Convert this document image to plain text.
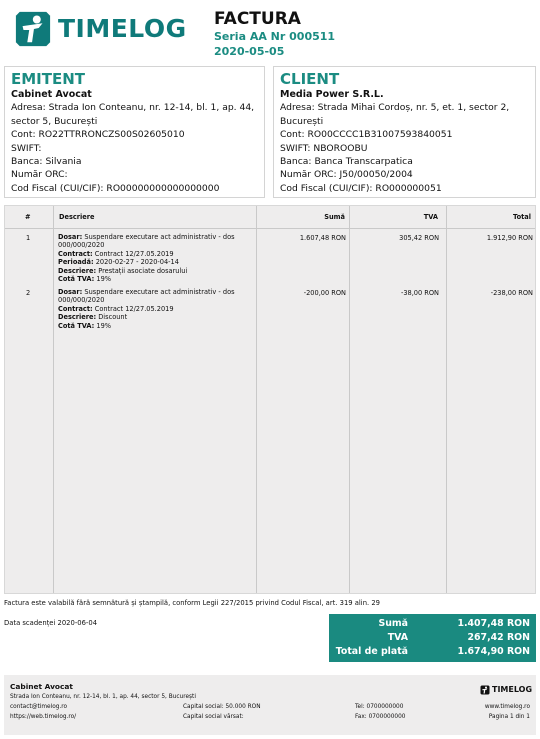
TIMELOG FACTURA
Seria AA Nr 000511
2020-05-05
EMITENT
Cabinet Avocat
Adresa: Strada Ion Conteanu, nr. 12-14, bl. 1, ap. 44,
sector 5, București
Cont: RO22TTRRONCZS00S02605010
SWIFT:
Banca: Silvania
Număr ORC:
Cod Fiscal (CUI/CIF): RO00000000000000000
CLIENT
Media Power S.R.L.
Adresa: Strada Mihai Cordoș, nr. 5, et. 1, sector 2,
București
Cont: RO00CCCC1B31007593840051
SWIFT: NBOROOBU
Banca: Banca Transcarpatica
Număr ORC: J50/00050/2004
Cod Fiscal (CUI/CIF): RO000000051
#	Descriere	Sumă	TVA	Total
1	Dosar: Suspendare executare act administrativ - dos
000/000/2020
Contract: Contract 12/27.05.2019
Perioadă: 2020-02-27 - 2020-04-14
Descriere: Prestații asociate dosarului
Cotă TVA: 19%
1.607,48 RON	305,42 RON	1.912,90 RON
2	Dosar: Suspendare executare act administrativ - dos
000/000/2020
Contract: Contract 12/27.05.2019
Descriere: Discount
Cotă TVA: 19%
-200,00 RON	-38,00 RON	-238,00 RON
Factura este valabilă fără semnătură și ștampilă, conform Legii 227/2015 privind Codul Fiscal, art. 319 alin. 29
Data scadenței 2020-06-04	Sumă	1.407,48 RON
TVA	267,42 RON
Total de plată	1.674,90 RON
Cabinet Avocat
Strada Ion Conteanu, nr. 12-14, bl. 1, ap. 44, sector 5, București
contact@timelog.ro
https://web.timelog.ro/
Capital social: 50.000 RON
Capital social vărsat:
Tel: 0700000000
Fax: 0700000000
TIMELOG
www.timelog.ro
Pagina 1 din 1
